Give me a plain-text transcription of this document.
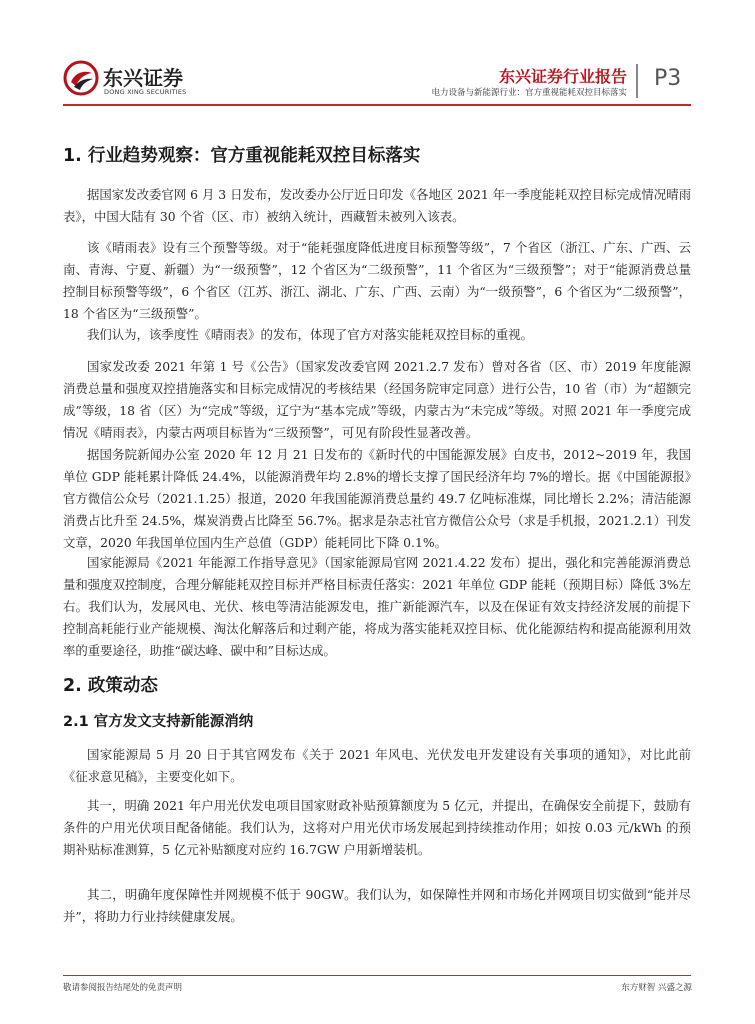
东兴证券
DONG XING SECURITIES
东兴证券行业报告
电力设备与新能源行业：官方重视能耗双控目标落实
P3
1. 行业趋势观察：官方重视能耗双控目标落实
据国家发改委官网 6 月 3 日发布，发改委办公厅近日印发《各地区 2021 年一季度能耗双控目标完成情况晴雨表》，中国大陆有 30 个省（区、市）被纳入统计，西藏暂未被列入该表。
该《晴雨表》设有三个预警等级。对于“能耗强度降低进度目标预警等级”，7 个省区（浙江、广东、广西、云南、青海、宁夏、新疆）为“一级预警”，12 个省区为“二级预警”，11 个省区为“三级预警”；对于“能源消费总量控制目标预警等级”，6 个省区（江苏、浙江、湖北、广东、广西、云南）为“一级预警”，6 个省区为“二级预警”，18 个省区为“三级预警”。
我们认为，该季度性《晴雨表》的发布，体现了官方对落实能耗双控目标的重视。
国家发改委 2021 年第 1 号《公告》（国家发改委官网 2021.2.7 发布）曾对各省（区、市）2019 年度能源消费总量和强度双控措施落实和目标完成情况的考核结果（经国务院审定同意）进行公告，10 省（市）为“超额完成”等级，18 省（区）为“完成”等级，辽宁为“基本完成”等级，内蒙古为“未完成”等级。对照 2021 年一季度完成情况《晴雨表》，内蒙古两项目标皆为“三级预警”，可见有阶段性显著改善。
据国务院新闻办公室 2020 年 12 月 21 日发布的《新时代的中国能源发展》白皮书，2012~2019 年，我国单位 GDP 能耗累计降低 24.4%，以能源消费年均 2.8%的增长支撑了国民经济年均 7%的增长。据《中国能源报》官方微信公众号（2021.1.25）报道，2020 年我国能源消费总量约 49.7 亿吨标准煤，同比增长 2.2%；清洁能源消费占比升至 24.5%，煤炭消费占比降至 56.7%。据求是杂志社官方微信公众号（求是手机报，2021.2.1）刊发文章，2020 年我国单位国内生产总值（GDP）能耗同比下降 0.1%。
国家能源局《2021 年能源工作指导意见》（国家能源局官网 2021.4.22 发布）提出，强化和完善能源消费总量和强度双控制度，合理分解能耗双控目标并严格目标责任落实：2021 年单位 GDP 能耗（预期目标）降低 3%左右。我们认为，发展风电、光伏、核电等清洁能源发电，推广新能源汽车，以及在保证有效支持经济发展的前提下控制高耗能行业产能规模、淘汰化解落后和过剩产能，将成为落实能耗双控目标、优化能源结构和提高能源利用效率的重要途径，助推“碳达峰、碳中和”目标达成。
2. 政策动态
2.1 官方发文支持新能源消纳
国家能源局 5 月 20 日于其官网发布《关于 2021 年风电、光伏发电开发建设有关事项的通知》，对比此前《征求意见稿》，主要变化如下。
其一，明确 2021 年户用光伏发电项目国家财政补贴预算额度为 5 亿元，并提出，在确保安全前提下，鼓励有条件的户用光伏项目配备储能。我们认为，这将对户用光伏市场发展起到持续推动作用；如按 0.03 元/kWh 的预期补贴标准测算，5 亿元补贴额度对应约 16.7GW 户用新增装机。
其二，明确年度保障性并网规模不低于 90GW。我们认为，如保障性并网和市场化并网项目切实做到“能并尽并”，将助力行业持续健康发展。
敬请参阅报告结尾处的免责声明	东方财智 兴盛之源
